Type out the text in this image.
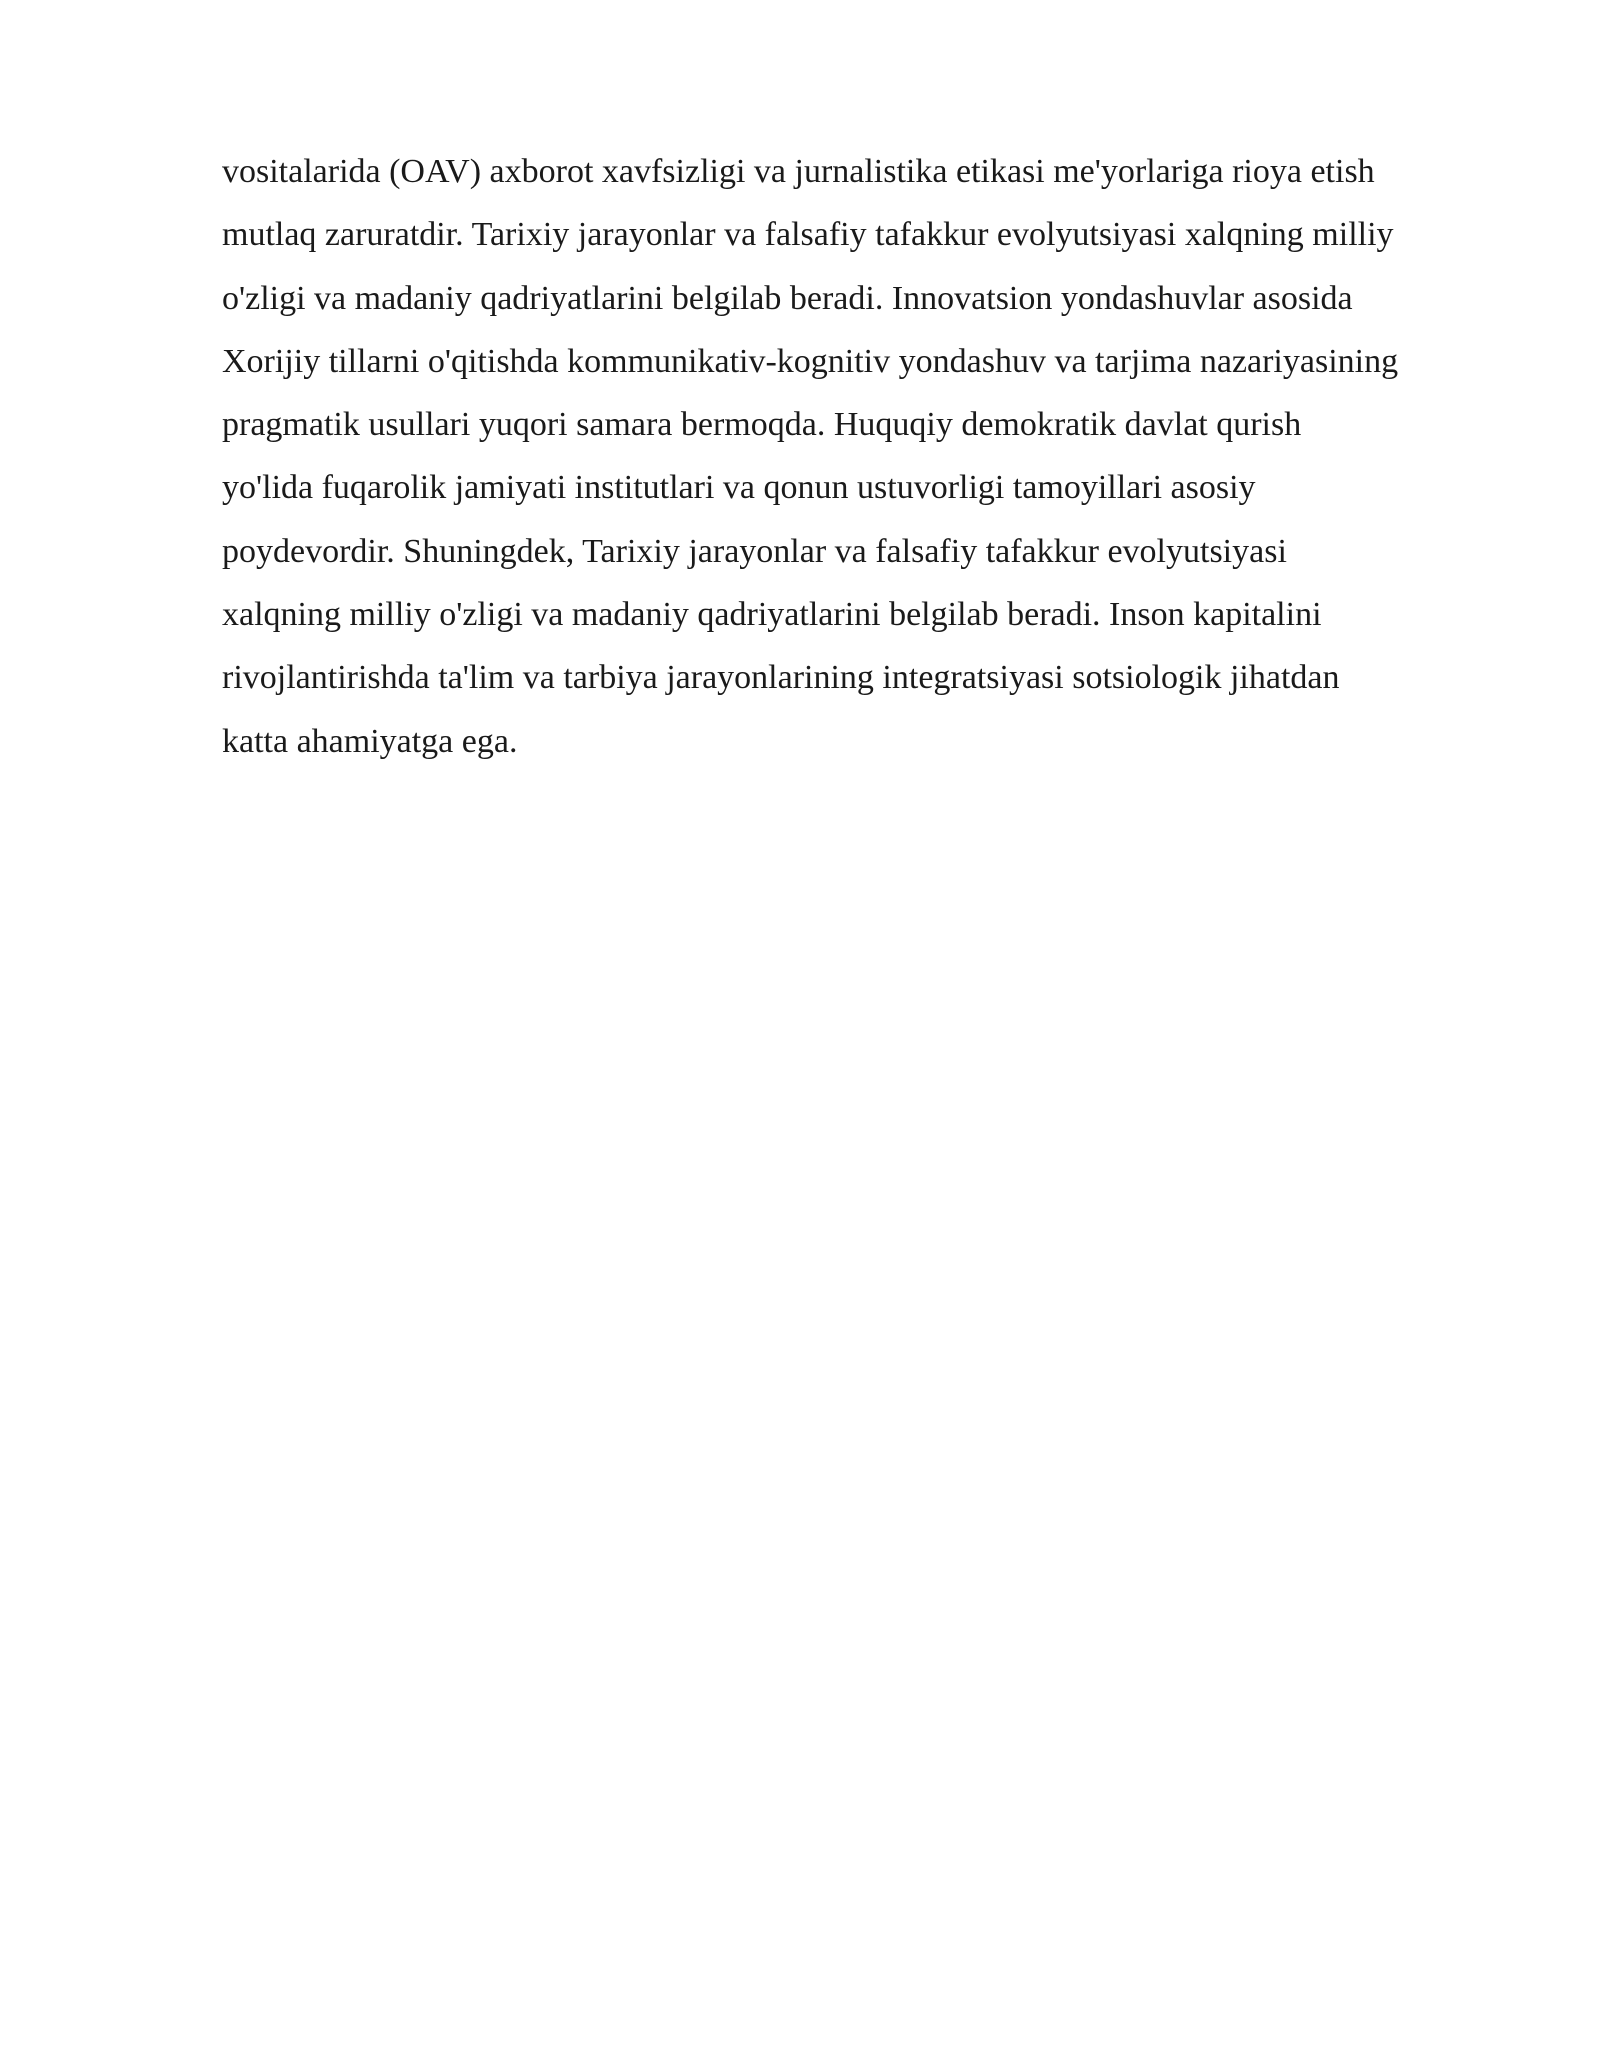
vositalarida (OAV) axborot xavfsizligi va jurnalistika etikasi me'yorlariga rioya etish
mutlaq zaruratdir. Tarixiy jarayonlar va falsafiy tafakkur evolyutsiyasi xalqning milliy
o'zligi va madaniy qadriyatlarini belgilab beradi. Innovatsion yondashuvlar asosida
Xorijiy tillarni o'qitishda kommunikativ-kognitiv yondashuv va tarjima nazariyasining
pragmatik usullari yuqori samara bermoqda. Huquqiy demokratik davlat qurish
yo'lida fuqarolik jamiyati institutlari va qonun ustuvorligi tamoyillari asosiy
poydevordir. Shuningdek, Tarixiy jarayonlar va falsafiy tafakkur evolyutsiyasi
xalqning milliy o'zligi va madaniy qadriyatlarini belgilab beradi. Inson kapitalini
rivojlantirishda ta'lim va tarbiya jarayonlarining integratsiyasi sotsiologik jihatdan
katta ahamiyatga ega.
